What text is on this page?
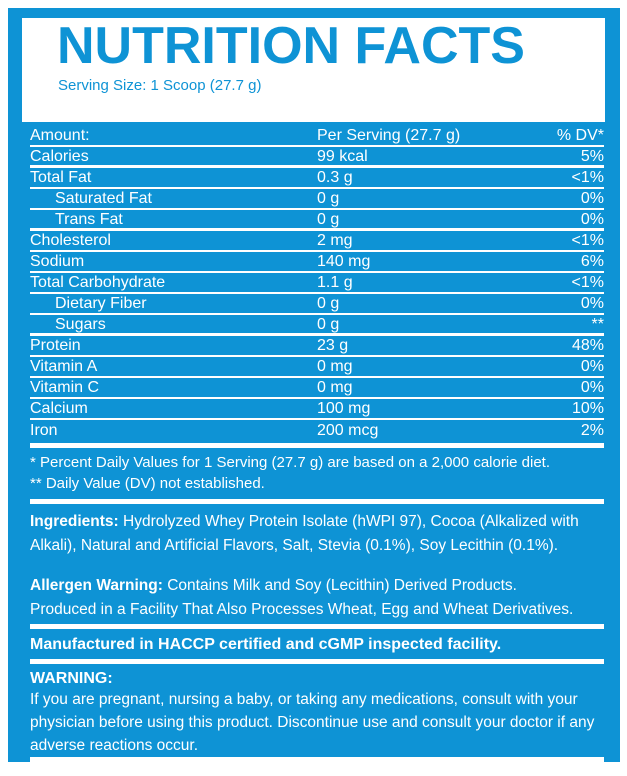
NUTRITION FACTS
Serving Size: 1 Scoop (27.7 g)
Amount:	Per Serving (27.7 g)	% DV*
Calories	99 kcal	5%
Total Fat	0.3 g	<1%
Saturated Fat	0 g	0%
Trans Fat	0 g	0%
Cholesterol	2 mg	<1%
Sodium	140 mg	6%
Total Carbohydrate	1.1 g	<1%
Dietary Fiber	0 g	0%
Sugars	0 g	**
Protein	23 g	48%
Vitamin A	0 mg	0%
Vitamin C	0 mg	0%
Calcium	100 mg	10%
Iron	200 mcg	2%
* Percent Daily Values for 1 Serving (27.7 g) are based on a 2,000 calorie diet.
** Daily Value (DV) not established.

Ingredients: Hydrolyzed Whey Protein Isolate (hWPI 97), Cocoa (Alkalized with Alkali), Natural and Artificial Flavors, Salt, Stevia (0.1%), Soy Lecithin (0.1%).

Allergen Warning: Contains Milk and Soy (Lecithin) Derived Products.
Produced in a Facility That Also Processes Wheat, Egg and Wheat Derivatives.

Manufactured in HACCP certified and cGMP inspected facility.
WARNING:
If you are pregnant, nursing a baby, or taking any medications, consult with your physician before using this product. Discontinue use and consult your doctor if any adverse reactions occur.
